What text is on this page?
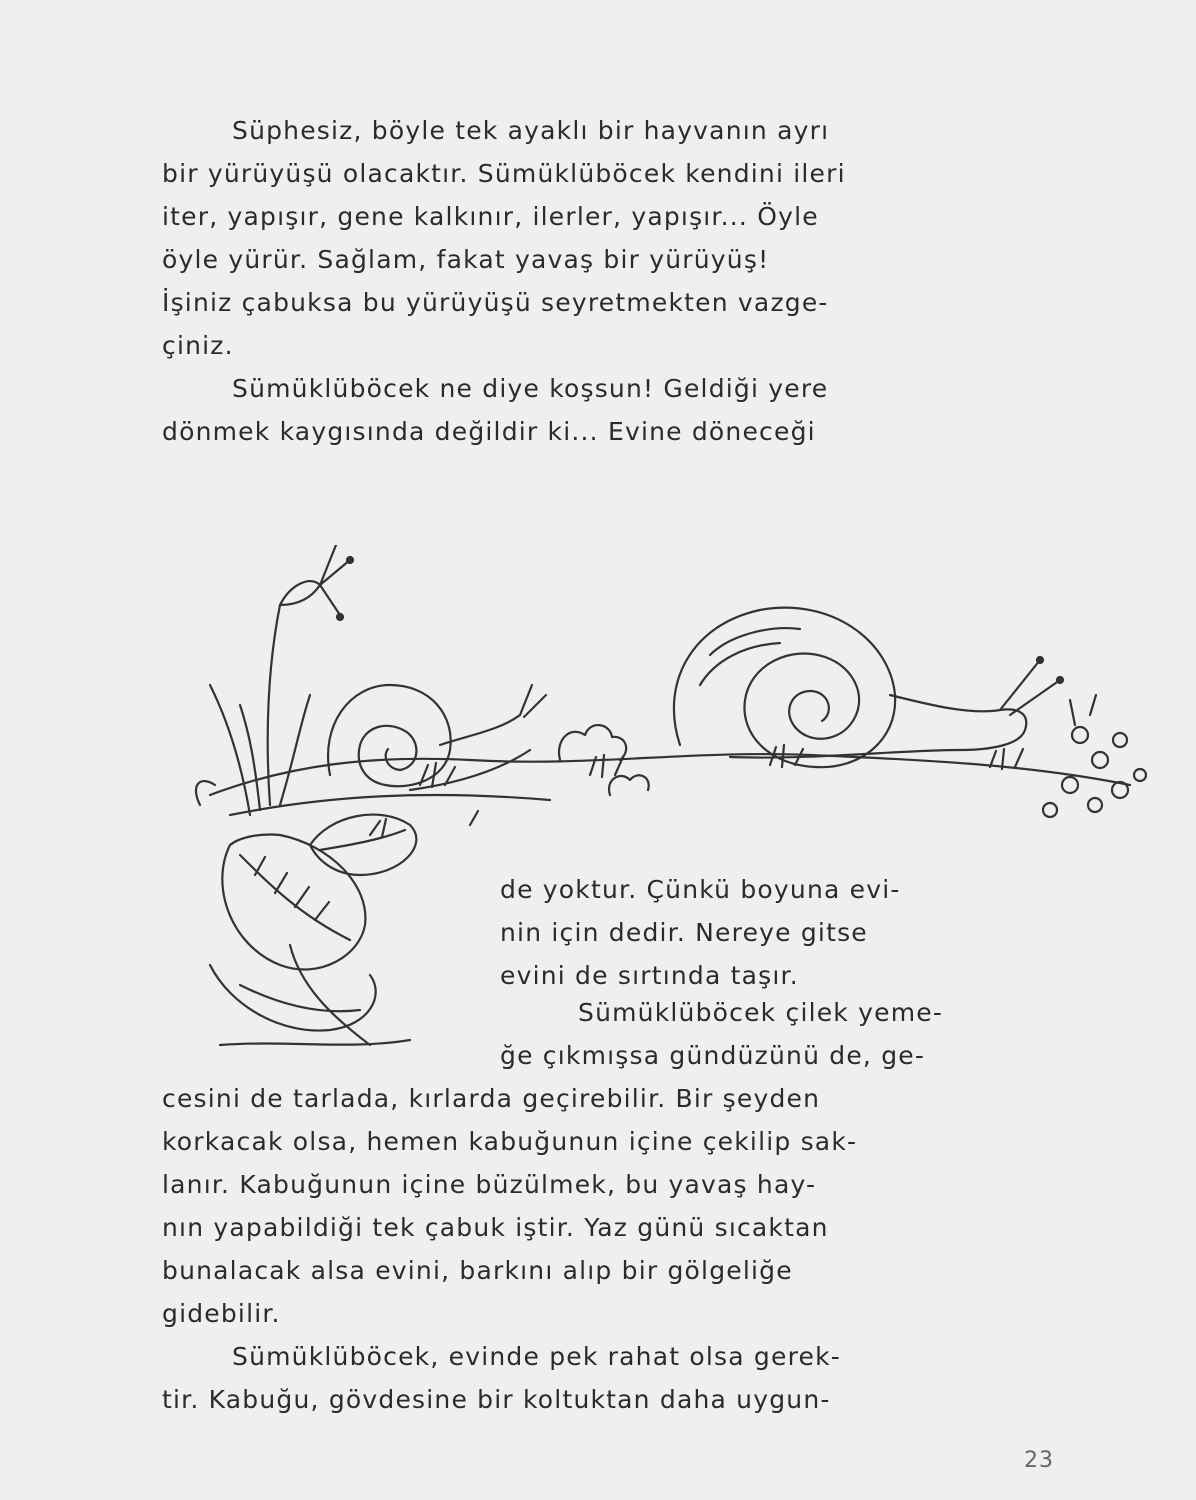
Süphesiz, böyle tek ayaklı bir hayvanın ayrı
bir yürüyüşü olacaktır. Sümüklüböcek kendini ileri
iter, yapışır, gene kalkınır, ilerler, yapışır... Öyle
öyle yürür. Sağlam, fakat yavaş bir yürüyüş!
İşiniz çabuksa bu yürüyüşü seyretmekten vazge-
çiniz.
Sümüklüböcek ne diye koşsun! Geldiği yere
dönmek kaygısında değildir ki... Evine döneceği
de yoktur. Çünkü boyuna evi-
nin için dedir. Nereye gitse
evini de sırtında taşır.
Sümüklüböcek çilek yeme-
ğe çıkmışsa gündüzünü de, ge-
cesini de tarlada, kırlarda geçirebilir. Bir şeyden
korkacak olsa, hemen kabuğunun içine çekilip sak-
lanır. Kabuğunun içine büzülmek, bu yavaş hay-
nın yapabildiği tek çabuk iştir. Yaz günü sıcaktan
bunalacak alsa evini, barkını alıp bir gölgeliğe
gidebilir.
Sümüklüböcek, evinde pek rahat olsa gerek-
tir. Kabuğu, gövdesine bir koltuktan daha uygun-
23
